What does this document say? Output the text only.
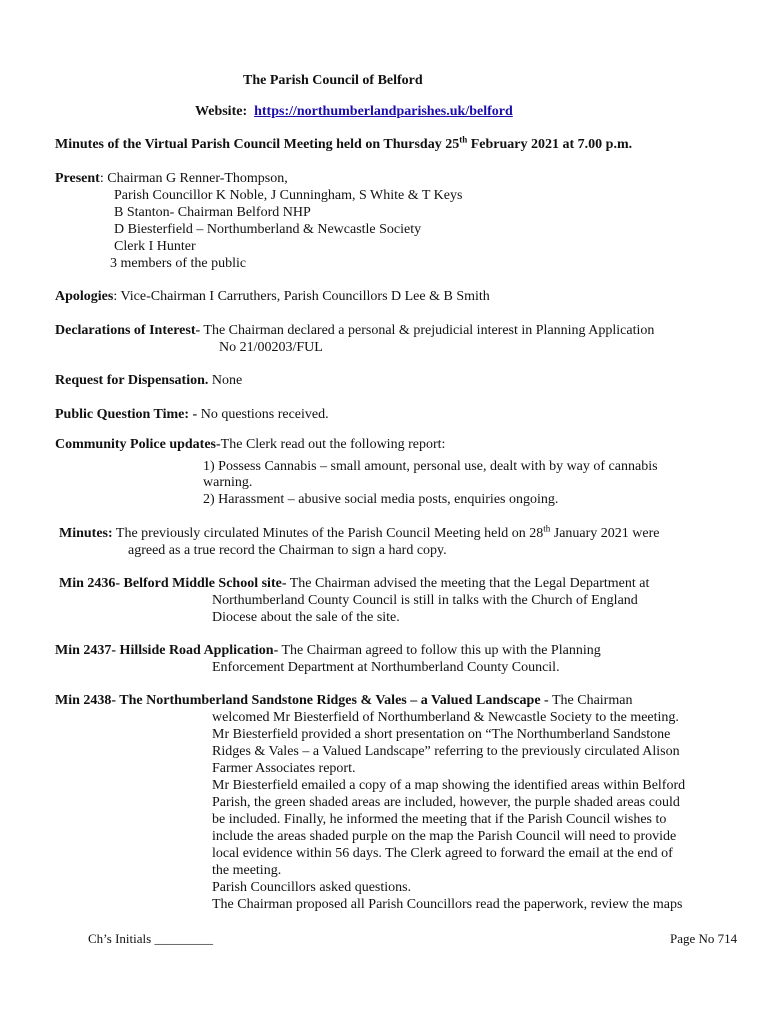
The Parish Council of Belford
Website: https://northumberlandparishes.uk/belford
Minutes of the Virtual Parish Council Meeting held on Thursday 25th February 2021 at 7.00 p.m.
Present: Chairman G Renner-Thompson,
Parish Councillor K Noble, J Cunningham, S White & T Keys
B Stanton- Chairman Belford NHP
D Biesterfield – Northumberland & Newcastle Society
Clerk I Hunter
3 members of the public
Apologies: Vice-Chairman I Carruthers, Parish Councillors D Lee & B Smith
Declarations of Interest- The Chairman declared a personal & prejudicial interest in Planning Application
No 21/00203/FUL
Request for Dispensation. None
Public Question Time: - No questions received.
Community Police updates-The Clerk read out the following report:
1) Possess Cannabis – small amount, personal use, dealt with by way of cannabis
warning.
2) Harassment – abusive social media posts, enquiries ongoing.
Minutes: The previously circulated Minutes of the Parish Council Meeting held on 28th January 2021 were
agreed as a true record the Chairman to sign a hard copy.
Min 2436- Belford Middle School site- The Chairman advised the meeting that the Legal Department at
Northumberland County Council is still in talks with the Church of England
Diocese about the sale of the site.
Min 2437- Hillside Road Application- The Chairman agreed to follow this up with the Planning
Enforcement Department at Northumberland County Council.
Min 2438- The Northumberland Sandstone Ridges & Vales – a Valued Landscape - The Chairman
welcomed Mr Biesterfield of Northumberland & Newcastle Society to the meeting.
Mr Biesterfield provided a short presentation on “The Northumberland Sandstone
Ridges & Vales – a Valued Landscape” referring to the previously circulated Alison
Farmer Associates report.
Mr Biesterfield emailed a copy of a map showing the identified areas within Belford
Parish, the green shaded areas are included, however, the purple shaded areas could
be included. Finally, he informed the meeting that if the Parish Council wishes to
include the areas shaded purple on the map the Parish Council will need to provide
local evidence within 56 days. The Clerk agreed to forward the email at the end of
the meeting.
Parish Councillors asked questions.
The Chairman proposed all Parish Councillors read the paperwork, review the maps
Ch’s Initials _________	Page No 714
